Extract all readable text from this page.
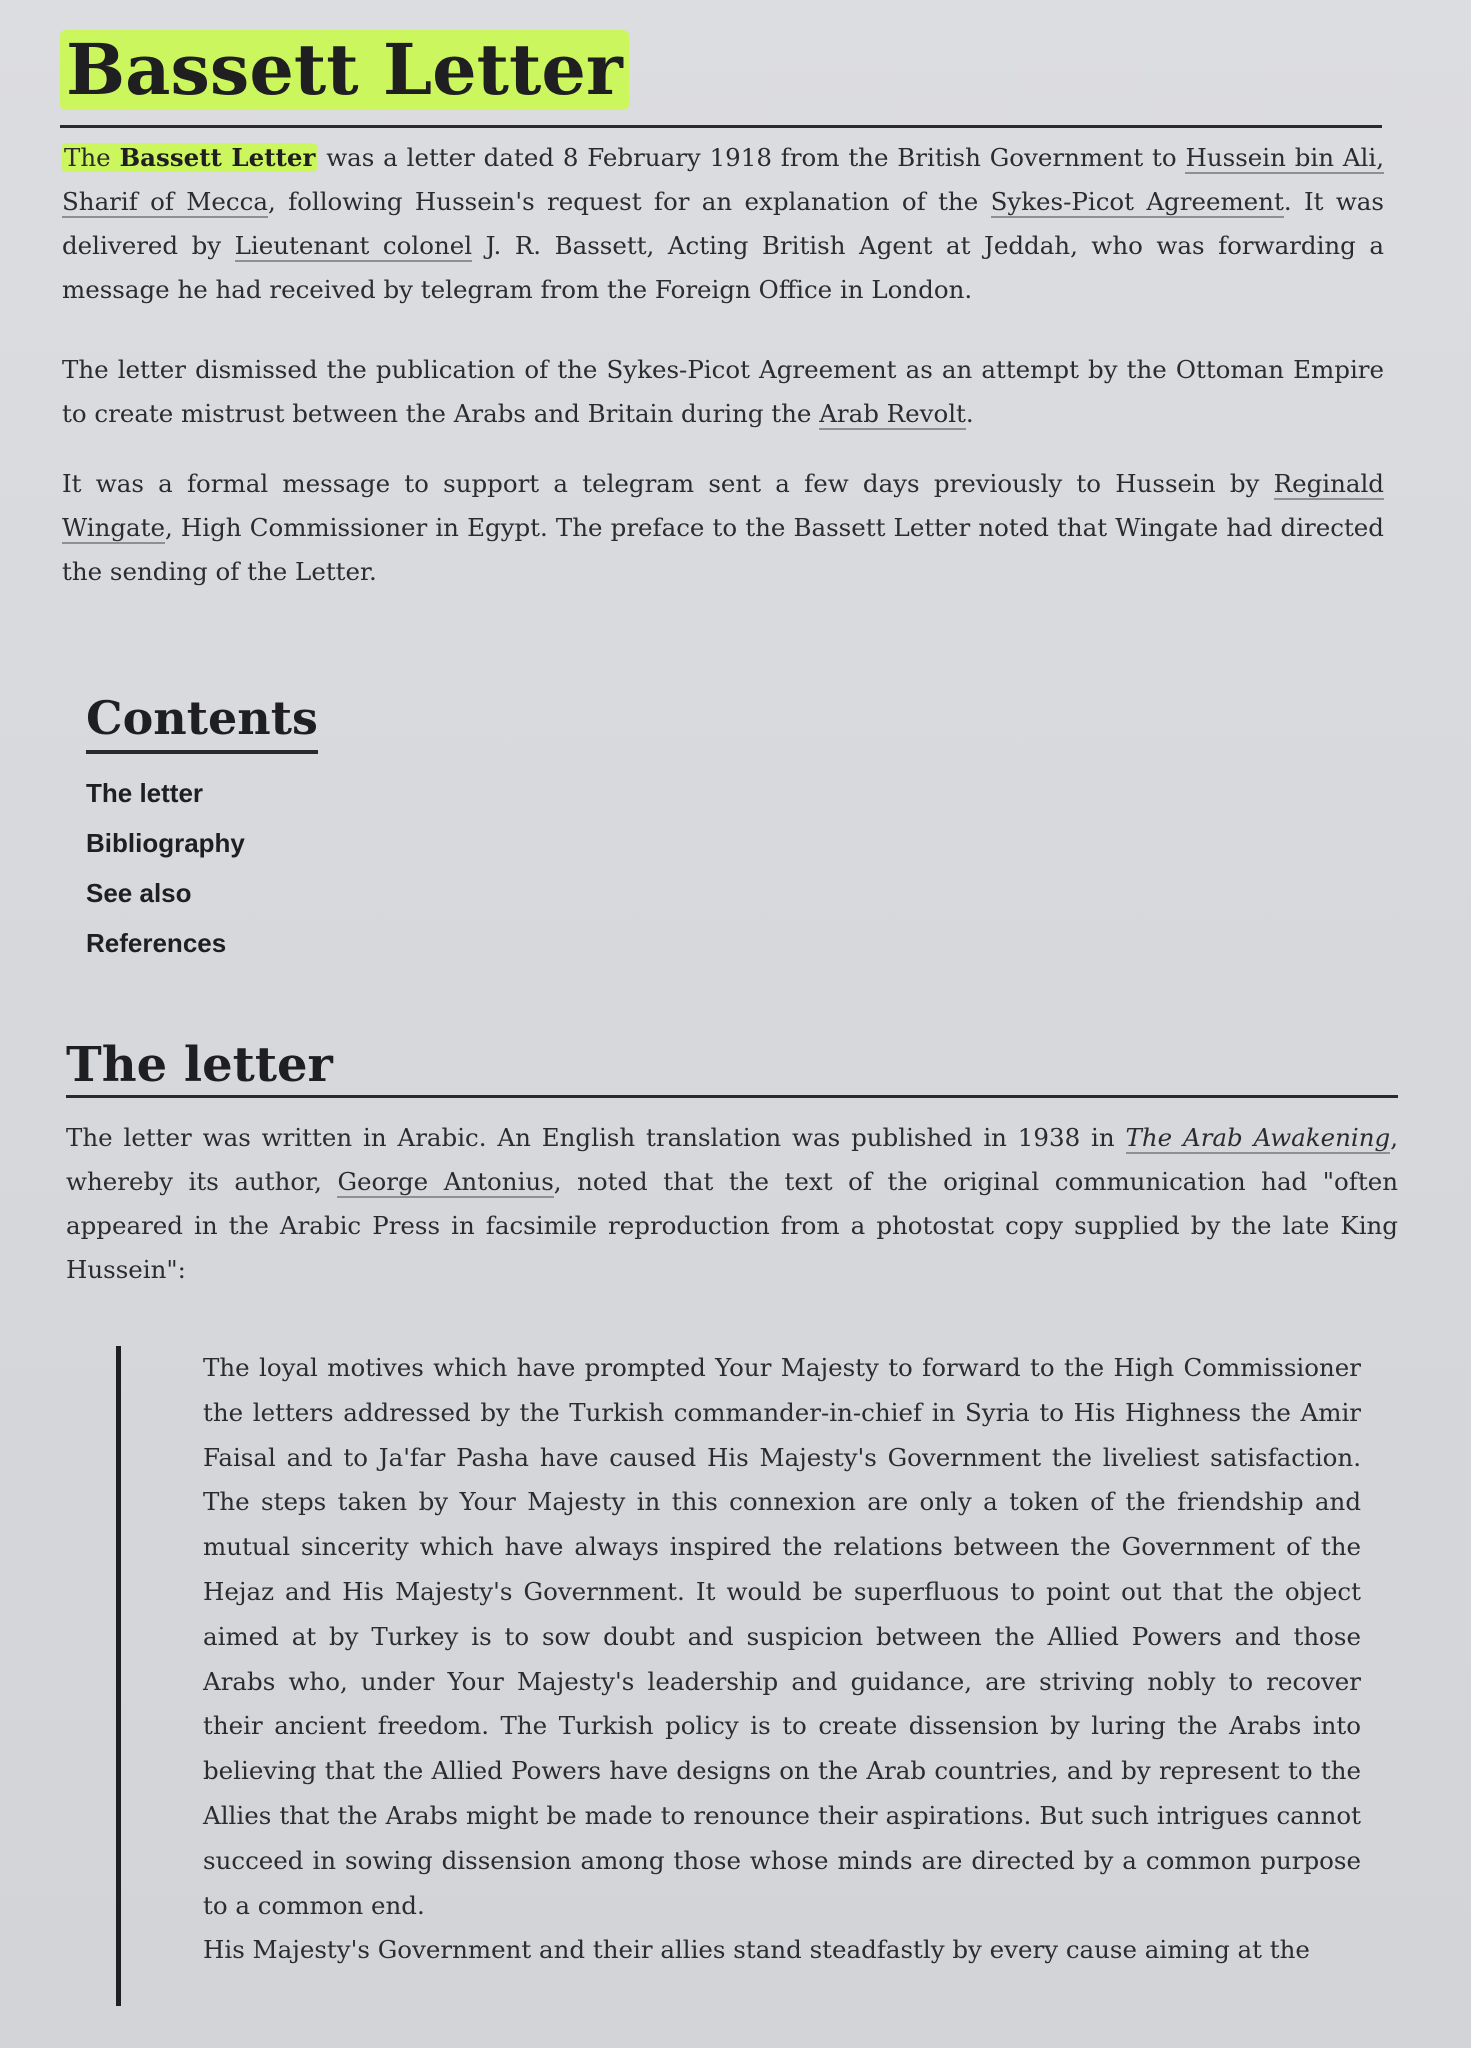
Bassett Letter

The Bassett Letter was a letter dated 8 February 1918 from the British Government to Hussein bin Ali, Sharif of Mecca, following Hussein's request for an explanation of the Sykes-Picot Agreement. It was delivered by Lieutenant colonel J. R. Bassett, Acting British Agent at Jeddah, who was forwarding a message he had received by telegram from the Foreign Office in London.

The letter dismissed the publication of the Sykes-Picot Agreement as an attempt by the Ottoman Empire to create mistrust between the Arabs and Britain during the Arab Revolt.

It was a formal message to support a telegram sent a few days previously to Hussein by Reginald Wingate, High Commissioner in Egypt. The preface to the Bassett Letter noted that Wingate had directed the sending of the Letter.

Contents
The letter
Bibliography
See also
References
The letter

The letter was written in Arabic. An English translation was published in 1938 in The Arab Awakening, whereby its author, George Antonius, noted that the text of the original communication had "often appeared in the Arabic Press in facsimile reproduction from a photostat copy supplied by the late King Hussein":

The loyal motives which have prompted Your Majesty to forward to the High Commissioner the letters addressed by the Turkish commander-in-chief in Syria to His Highness the Amir Faisal and to Ja'far Pasha have caused His Majesty's Government the liveliest satisfaction. The steps taken by Your Majesty in this connexion are only a token of the friendship and mutual sincerity which have always inspired the relations between the Government of the Hejaz and His Majesty's Government. It would be superfluous to point out that the object aimed at by Turkey is to sow doubt and suspicion between the Allied Powers and those Arabs who, under Your Majesty's leadership and guidance, are striving nobly to recover their ancient freedom. The Turkish policy is to create dissension by luring the Arabs into believing that the Allied Powers have designs on the Arab countries, and by represent to the Allies that the Arabs might be made to renounce their aspirations. But such intrigues cannot succeed in sowing dissension among those whose minds are directed by a common purpose to a common end.

His Majesty's Government and their allies stand steadfastly by every cause aiming at the
